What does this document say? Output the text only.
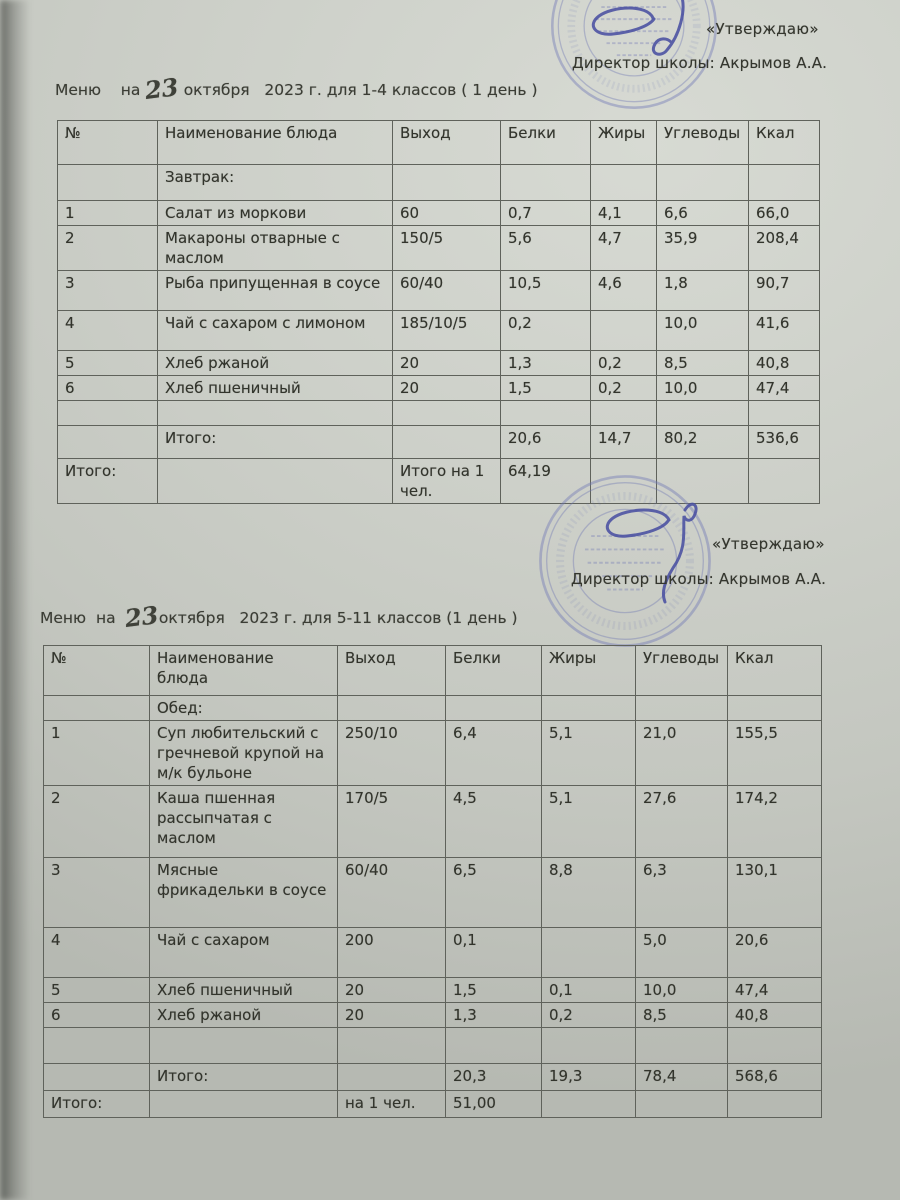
«Утверждаю»
Директор школы: Акрымов А.А.
Меню    на 23 октября   2023 г. для 1-4 классов ( 1 день )
№	Наименование блюда	Выход	Белки	Жиры	Углеводы	Ккал
	Завтрак:					
1	Салат из моркови	60	0,7	4,1	6,6	66,0
2	Макароны отварные с маслом	150/5	5,6	4,7	35,9	208,4
3	Рыба припущенная в соусе	60/40	10,5	4,6	1,8	90,7
4	Чай с сахаром с лимоном	185/10/5	0,2		10,0	41,6
5	Хлеб ржаной	20	1,3	0,2	8,5	40,8
6	Хлеб пшеничный	20	1,5	0,2	10,0	47,4

	Итого:		20,6	14,7	80,2	536,6
Итого:		Итого на 1 чел.	64,19			
«Утверждаю»
Директор школы: Акрымов А.А.
Меню  на  23октября   2023 г. для 5-11 классов (1 день )
№	Наименование блюда	Выход	Белки	Жиры	Углеводы	Ккал
	Обед:					
1	Суп любительский с гречневой крупой на м/к бульоне	250/10	6,4	5,1	21,0	155,5
2	Каша пшенная рассыпчатая с маслом	170/5	4,5	5,1	27,6	174,2
3	Мясные фрикадельки в соусе	60/40	6,5	8,8	6,3	130,1
4	Чай с сахаром	200	0,1		5,0	20,6
5	Хлеб пшеничный	20	1,5	0,1	10,0	47,4
6	Хлеб ржаной	20	1,3	0,2	8,5	40,8

	Итого:		20,3	19,3	78,4	568,6
Итого:		на 1 чел.	51,00			
